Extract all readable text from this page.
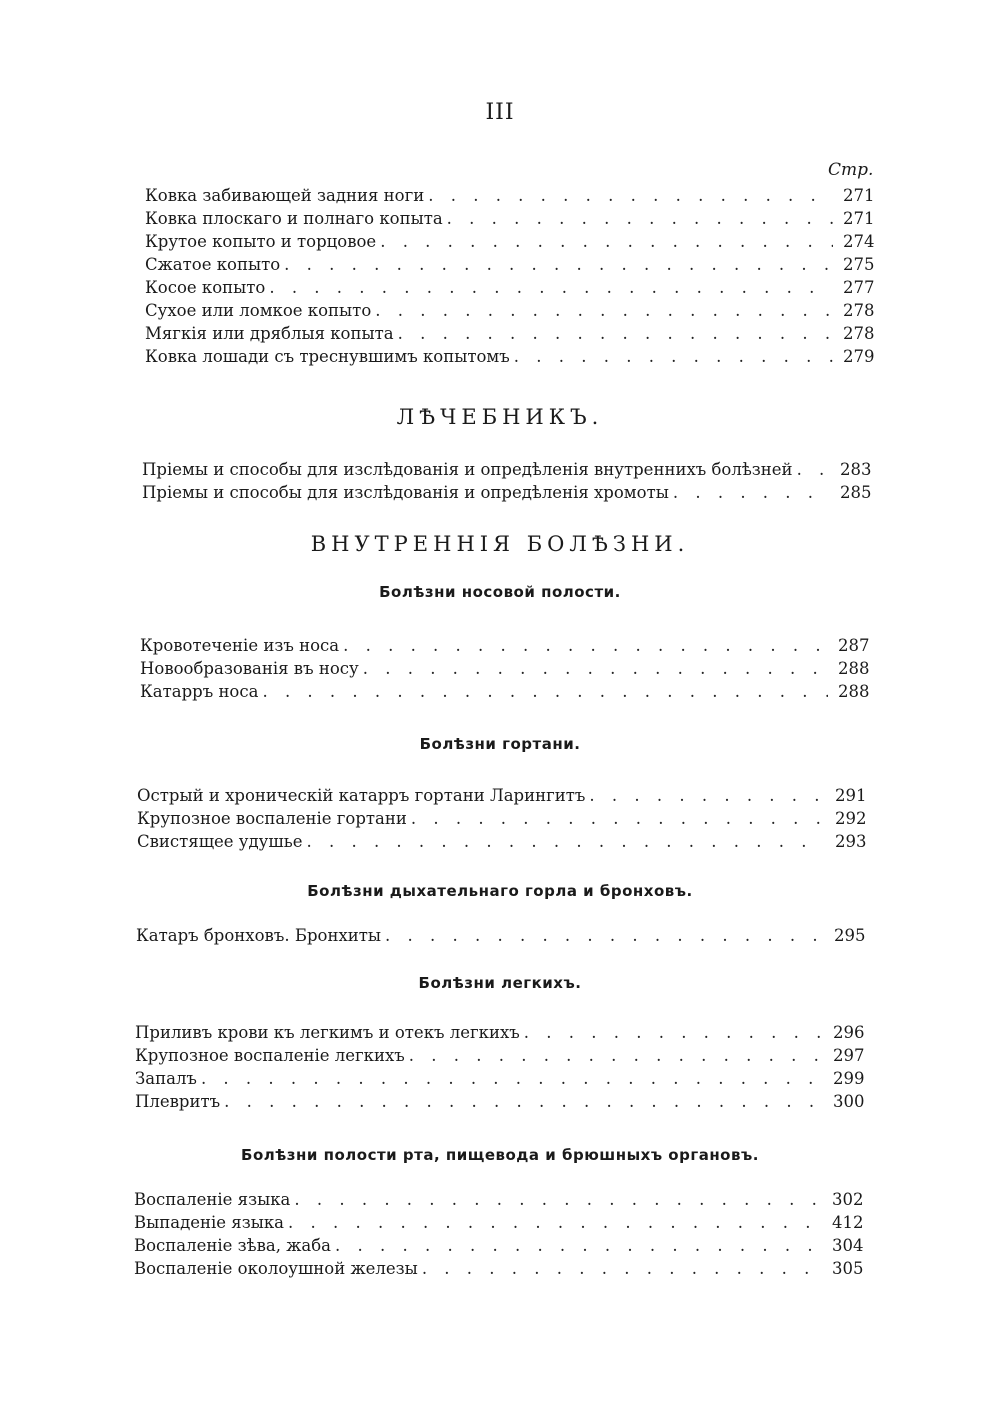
III
Стр.
Ковка забивающей задния ноги . . .	271
Ковка плоскаго и полнаго копыта . . .	271
Крутое копыто и торцовое . . .	274
Сжатое копыто . . .	275
Косое копыто . . .	277
Сухое или ломкое копыто . . .	278
Мягкія или дряблыя копыта . . .	278
Ковка лошади съ треснувшимъ копытомъ . . .	279
ЛѢЧЕБНИКЪ.
Пріемы и способы для изслѣдованія и опредѣленія внутреннихъ болѣзней . . .	283
Пріемы и способы для изслѣдованія и опредѣленія хромоты . . .	285
ВНУТРЕННІЯ БОЛѢЗНИ.
Болѣзни носовой полости.
Кровотеченіе изъ носа . . .	287
Новообразованія въ носу . . .	288
Катарръ носа . . .	288
Болѣзни гортани.
Острый и хроническій катарръ гортани Ларингитъ . . .	291
Крупозное воспаленіе гортани . . .	292
Свистящее удушье . . .	293
Болѣзни дыхательнаго горла и бронховъ.
Катаръ бронховъ. Бронхиты . . .	295
Болѣзни легкихъ.
Приливъ крови къ легкимъ и отекъ легкихъ . . .	296
Крупозное воспаленіе легкихъ . . .	297
Запалъ . . .	299
Плевритъ . . .	300
Болѣзни полости рта, пищевода и брюшныхъ органовъ.
Воспаленіе языка . . .	302
Выпаденіе языка . . .	412
Воспаленіе зѣва, жаба . . .	304
Воспаленіе околоушной железы . . .	305
